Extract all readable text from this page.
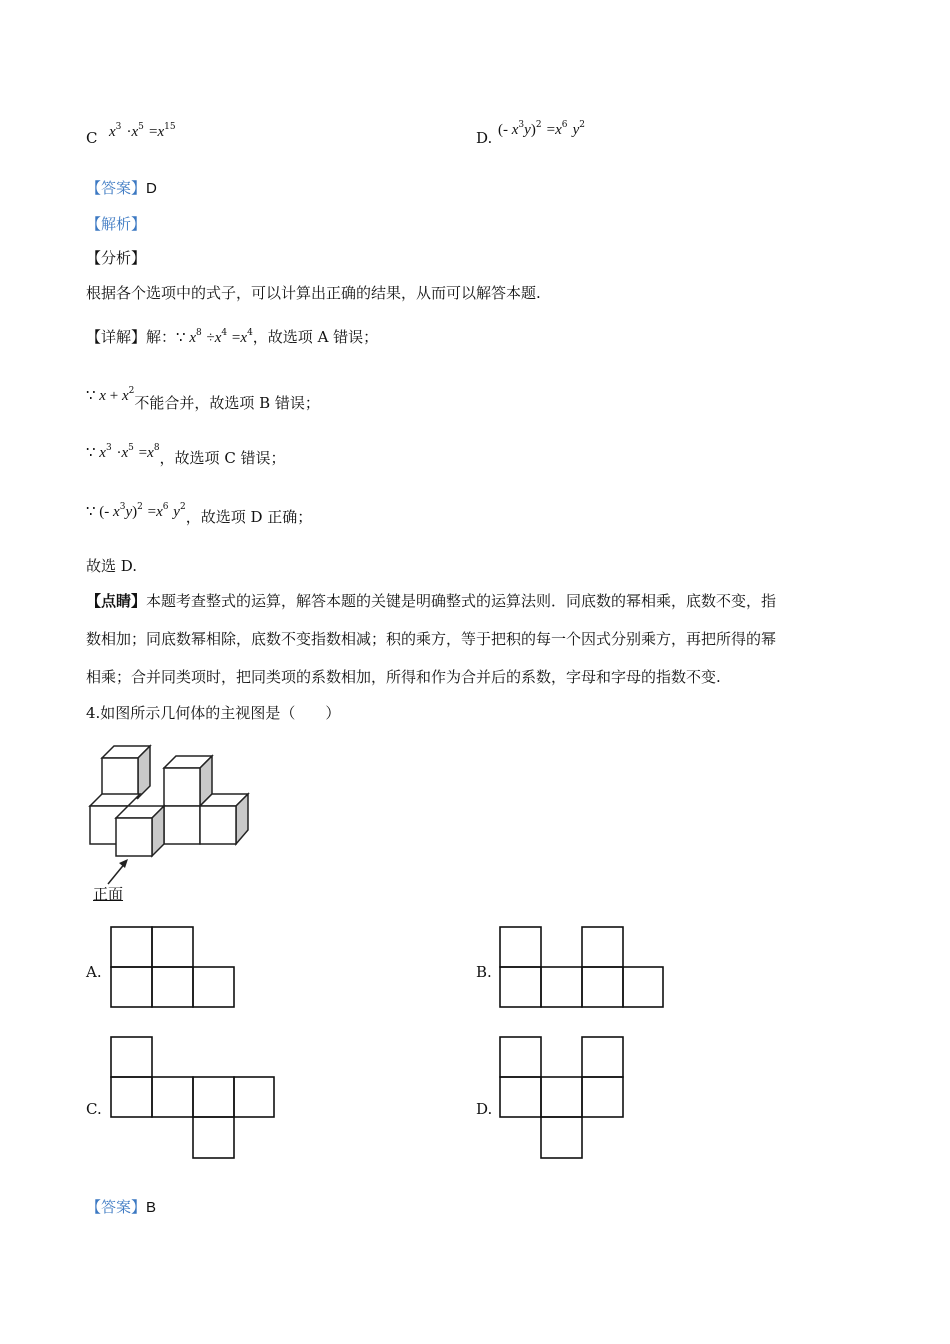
C $x^3 \cdot x^5 =x^{15}$
D. (- $x^3y)^2 =x^6$ $y^2$
【答案】D
【解析】
【分析】
根据各个选项中的式子，可以计算出正确的结果，从而可以解答本题.
【详解】解：∵ $x^8 \div x^4 =x^4$，故选项 A 错误；
∵ $x + x^2$不能合并，故选项 B 错误；
∵ $x^3 \cdot x^5 =x^8$，故选项 C 错误；
∵ (- $x^3y)^2 =x^6$ $y^2$，故选项 D 正确；
故选 D.
【点睛】本题考查整式的运算，解答本题的关键是明确整式的运算法则．同底数的幂相乘，底数不变，指
数相加；同底数幂相除，底数不变指数相减；积的乘方，等于把积的每一个因式分别乘方，再把所得的幂
相乘；合并同类项时，把同类项的系数相加，所得和作为合并后的系数，字母和字母的指数不变.
4.如图所示几何体的主视图是（　　）
正面
A.	B.
C.	D.
【答案】B
